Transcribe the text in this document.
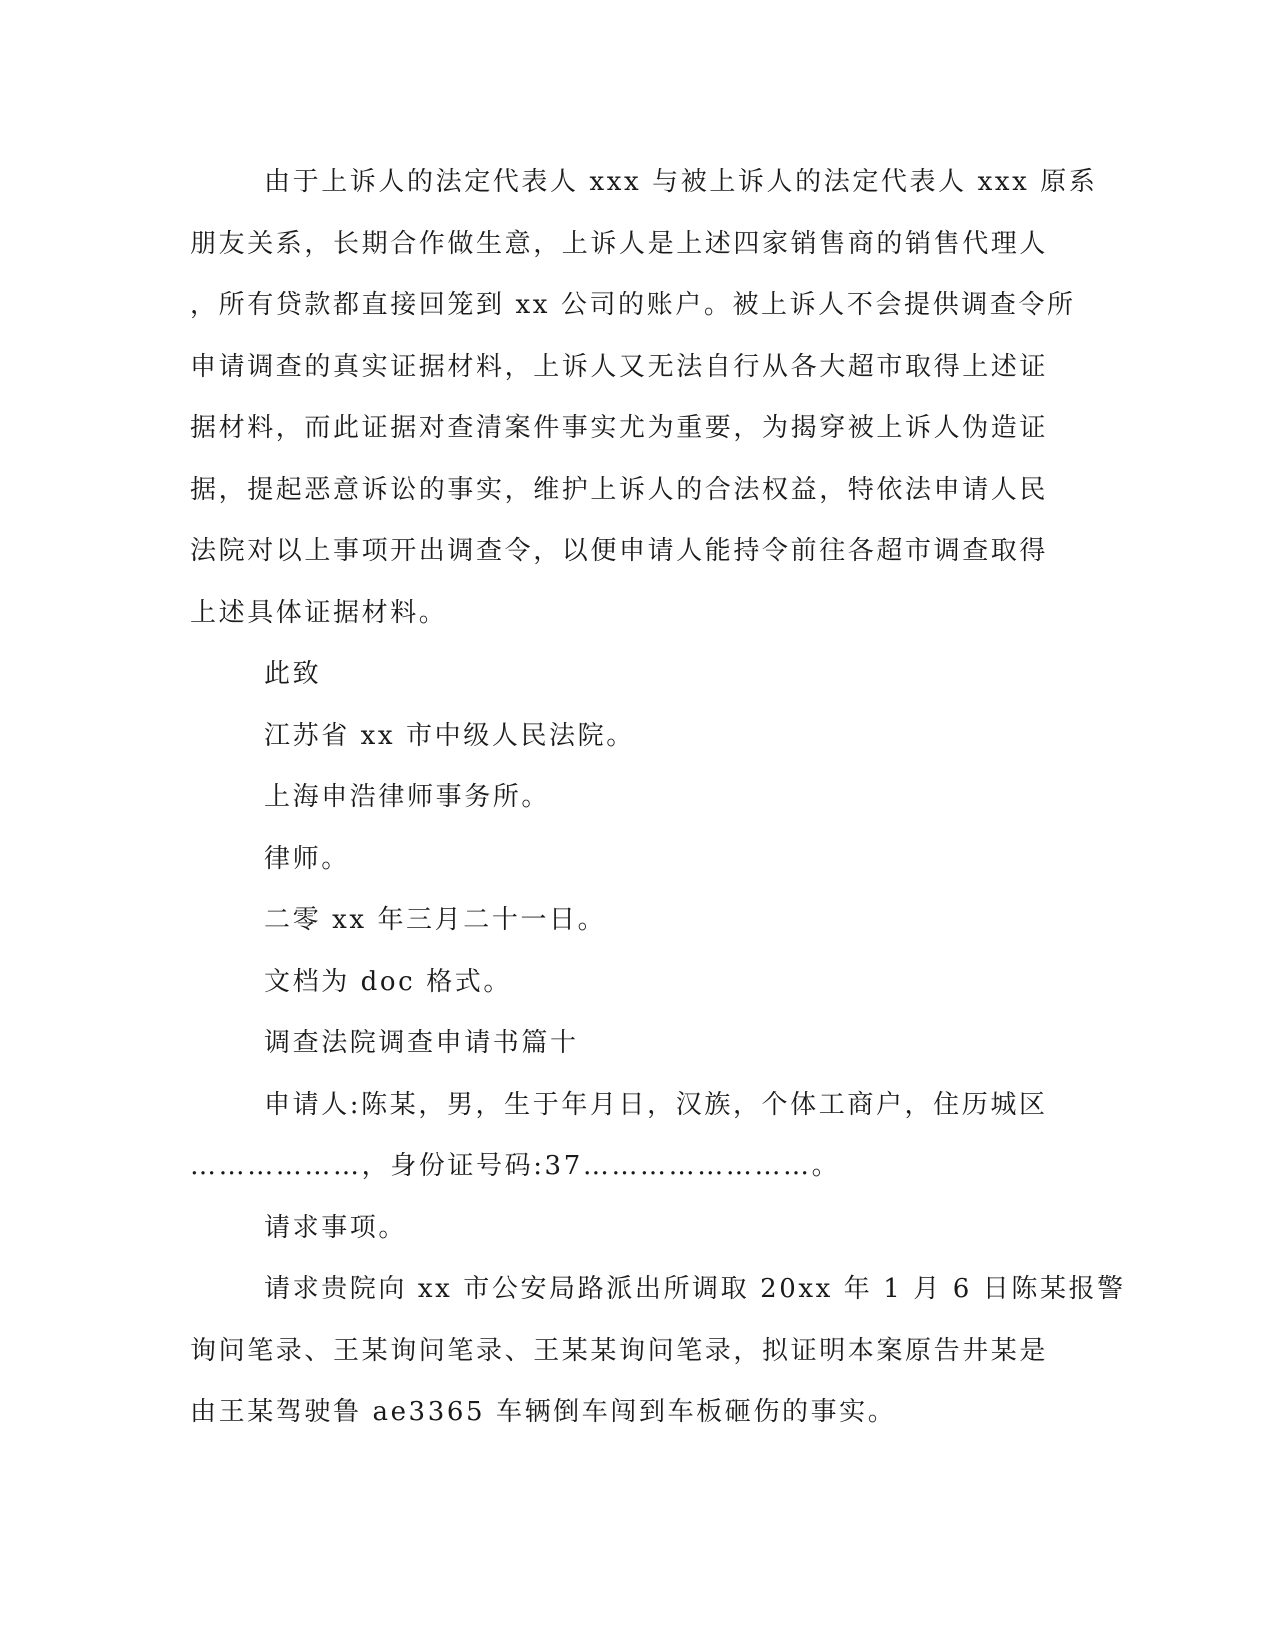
由于上诉人的法定代表人 xxx 与被上诉人的法定代表人 xxx 原系
朋友关系，长期合作做生意，上诉人是上述四家销售商的销售代理人
，所有贷款都直接回笼到 xx 公司的账户。被上诉人不会提供调查令所
申请调查的真实证据材料，上诉人又无法自行从各大超市取得上述证
据材料，而此证据对查清案件事实尤为重要，为揭穿被上诉人伪造证
据，提起恶意诉讼的事实，维护上诉人的合法权益，特依法申请人民
法院对以上事项开出调查令，以便申请人能持令前往各超市调查取得
上述具体证据材料。
此致
江苏省 xx 市中级人民法院。
上海申浩律师事务所。
律师。
二零 xx 年三月二十一日。
文档为 doc 格式。
调查法院调查申请书篇十
申请人:陈某，男，生于年月日，汉族，个体工商户，住历城区
………………，身份证号码:37……………………。
请求事项。
请求贵院向 xx 市公安局路派出所调取 20xx 年 1 月 6 日陈某报警
询问笔录、王某询问笔录、王某某询问笔录，拟证明本案原告井某是
由王某驾驶鲁 ae3365 车辆倒车闯到车板砸伤的事实。
